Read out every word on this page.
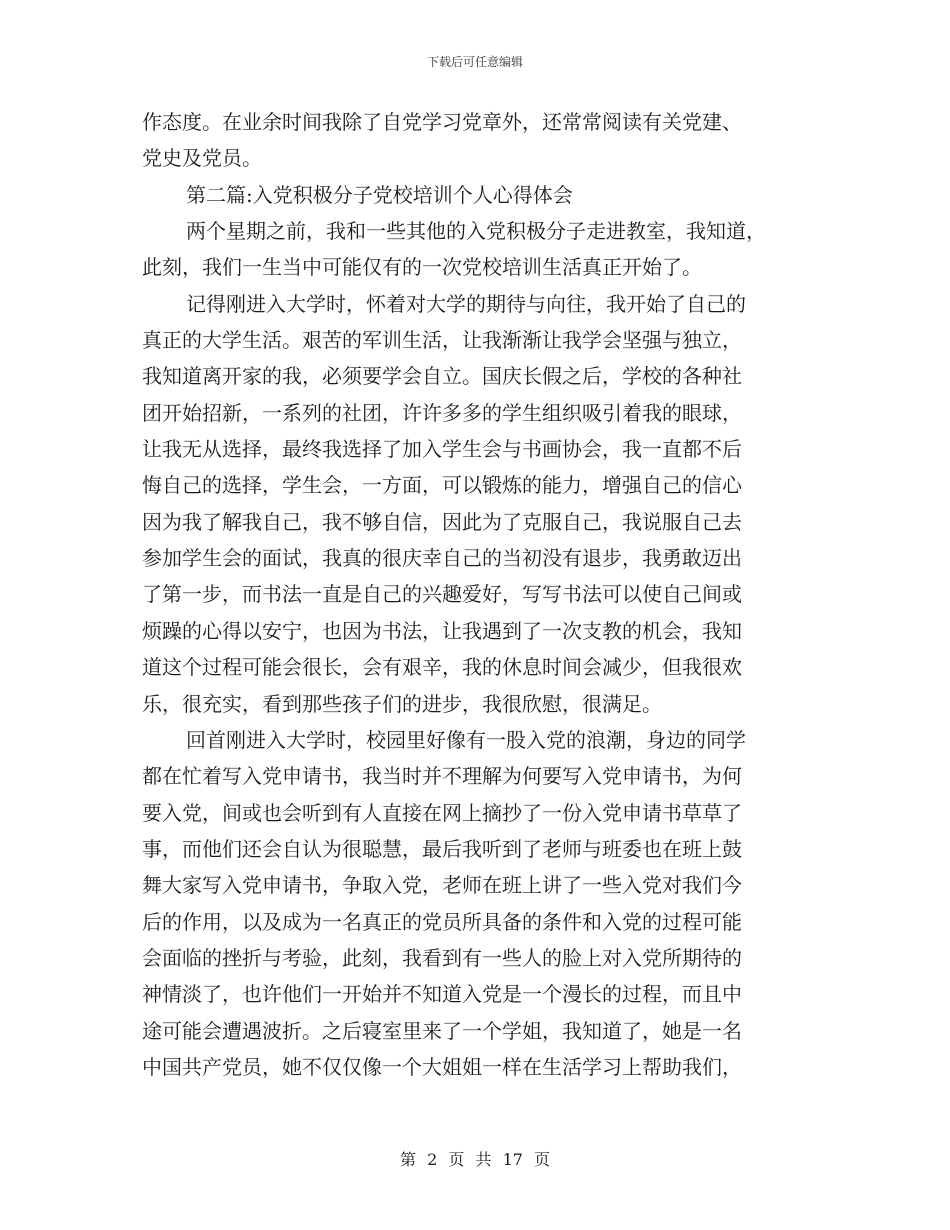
下载后可任意编辑
作态度。在业余时间我除了自党学习党章外，还常常阅读有关党建、
党史及党员。
第二篇:入党积极分子党校培训个人心得体会
两个星期之前，我和一些其他的入党积极分子走进教室，我知道，
此刻，我们一生当中可能仅有的一次党校培训生活真正开始了。
记得刚进入大学时，怀着对大学的期待与向往，我开始了自己的
真正的大学生活。艰苦的军训生活，让我渐渐让我学会坚强与独立，
我知道离开家的我，必须要学会自立。国庆长假之后，学校的各种社
团开始招新，一系列的社团，许许多多的学生组织吸引着我的眼球，
让我无从选择，最终我选择了加入学生会与书画协会，我一直都不后
悔自己的选择，学生会，一方面，可以锻炼的能力，增强自己的信心
因为我了解我自己，我不够自信，因此为了克服自己，我说服自己去
参加学生会的面试，我真的很庆幸自己的当初没有退步，我勇敢迈出
了第一步，而书法一直是自己的兴趣爱好，写写书法可以使自己间或
烦躁的心得以安宁，也因为书法，让我遇到了一次支教的机会，我知
道这个过程可能会很长，会有艰辛，我的休息时间会减少，但我很欢
乐，很充实，看到那些孩子们的进步，我很欣慰，很满足。
回首刚进入大学时，校园里好像有一股入党的浪潮，身边的同学
都在忙着写入党申请书，我当时并不理解为何要写入党申请书，为何
要入党，间或也会听到有人直接在网上摘抄了一份入党申请书草草了
事，而他们还会自认为很聪慧，最后我听到了老师与班委也在班上鼓
舞大家写入党申请书，争取入党，老师在班上讲了一些入党对我们今
后的作用，以及成为一名真正的党员所具备的条件和入党的过程可能
会面临的挫折与考验，此刻，我看到有一些人的脸上对入党所期待的
神情淡了，也许他们一开始并不知道入党是一个漫长的过程，而且中
途可能会遭遇波折。之后寝室里来了一个学姐，我知道了，她是一名
中国共产党员，她不仅仅像一个大姐姐一样在生活学习上帮助我们，
第 2 页 共 17 页
